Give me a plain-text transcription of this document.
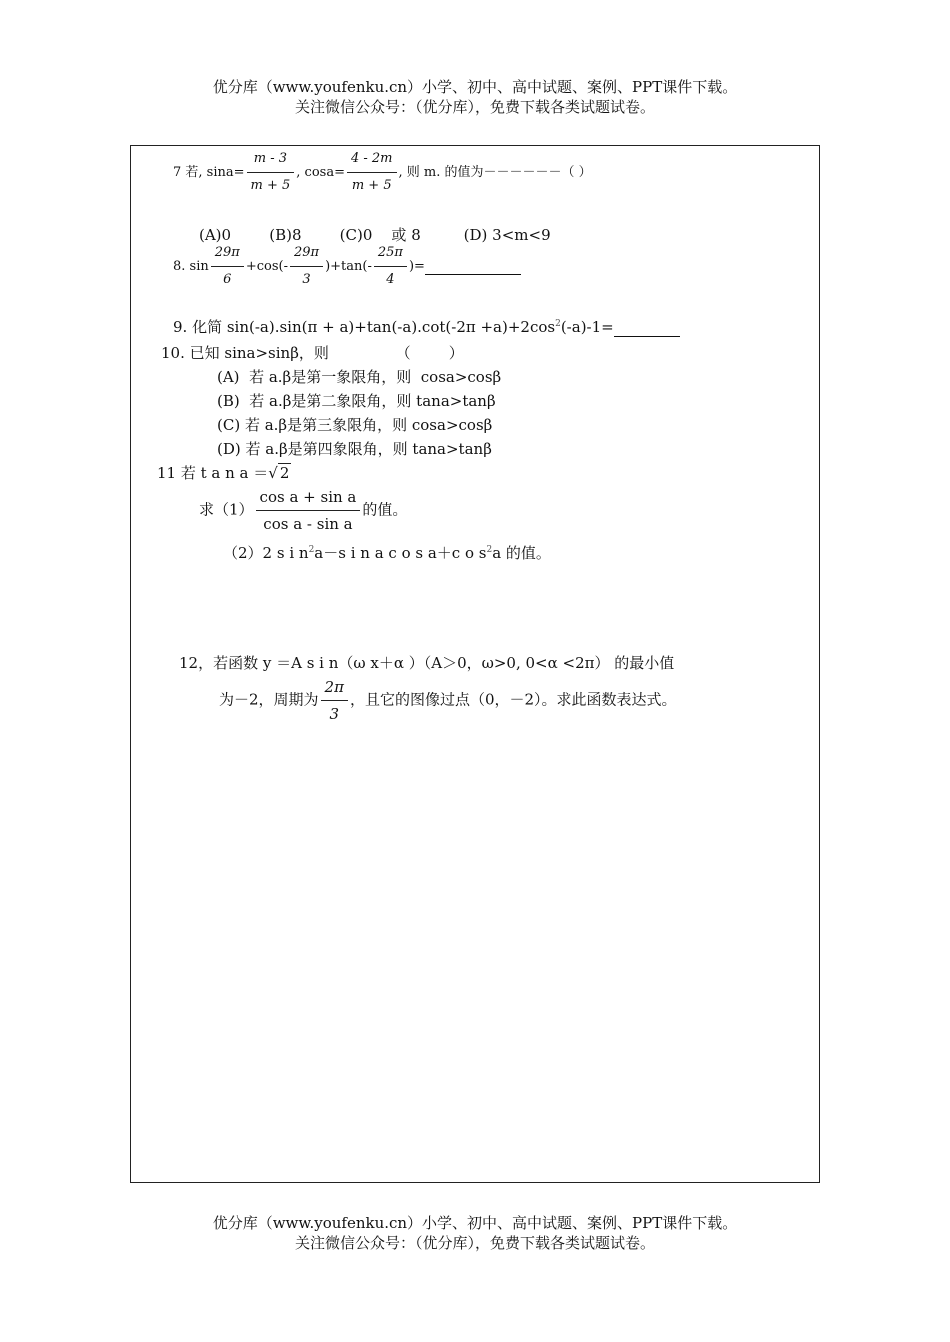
优分库（www.youfenku.cn）小学、初中、高中试题、案例、PPT课件下载。
关注微信公众号：（优分库），免费下载各类试题试卷。
7 若, $\sin a= \frac{m - 3}{m + 5}$ , $\cos a= \frac{4 - 2m}{m + 5}$ , 则 m. 的值为－－－－－－（ ）
(A)0        (B)8        (C)0    或 8         (D) 3<m<9
8. $\sin \frac{29\pi}{6} +\cos(- \frac{29\pi}{3} )+\tan(- \frac{25\pi}{4}$ )=
9. 化简 $\sin(-a).\sin(\pi + a)+\tan(-a).\cot(-2\pi +a)+2\cos^2(-a)-1=$
10. 已知 sina>sinβ，则              （        ）
(A)  若 a.β是第一象限角，则  cosa>cosβ
(B)  若 a.β是第二象限角，则 tana>tanβ
(C) 若 a.β是第三象限角，则 cosa>cosβ
(D) 若 a.β是第四象限角，则 tana>tanβ
11 若 t a n a ＝√ 2
求$(1) \frac{\text{cos a + sin a}}{\text{cos a - sin a}}$ 的值。
（2）2 s i $n^2a-s$ i n a c o s a＋c o $s^2a$ 的值。
12，若函数 y ＝A s i n（ω x＋α ）（A＞0，ω>0, 0<α <2π） 的最小值
为－2，周期为 $\frac{2\pi}{3}$ ，且它的图像过点（0，－2）。求此函数表达式。
优分库（www.youfenku.cn）小学、初中、高中试题、案例、PPT课件下载。
关注微信公众号：（优分库），免费下载各类试题试卷。
